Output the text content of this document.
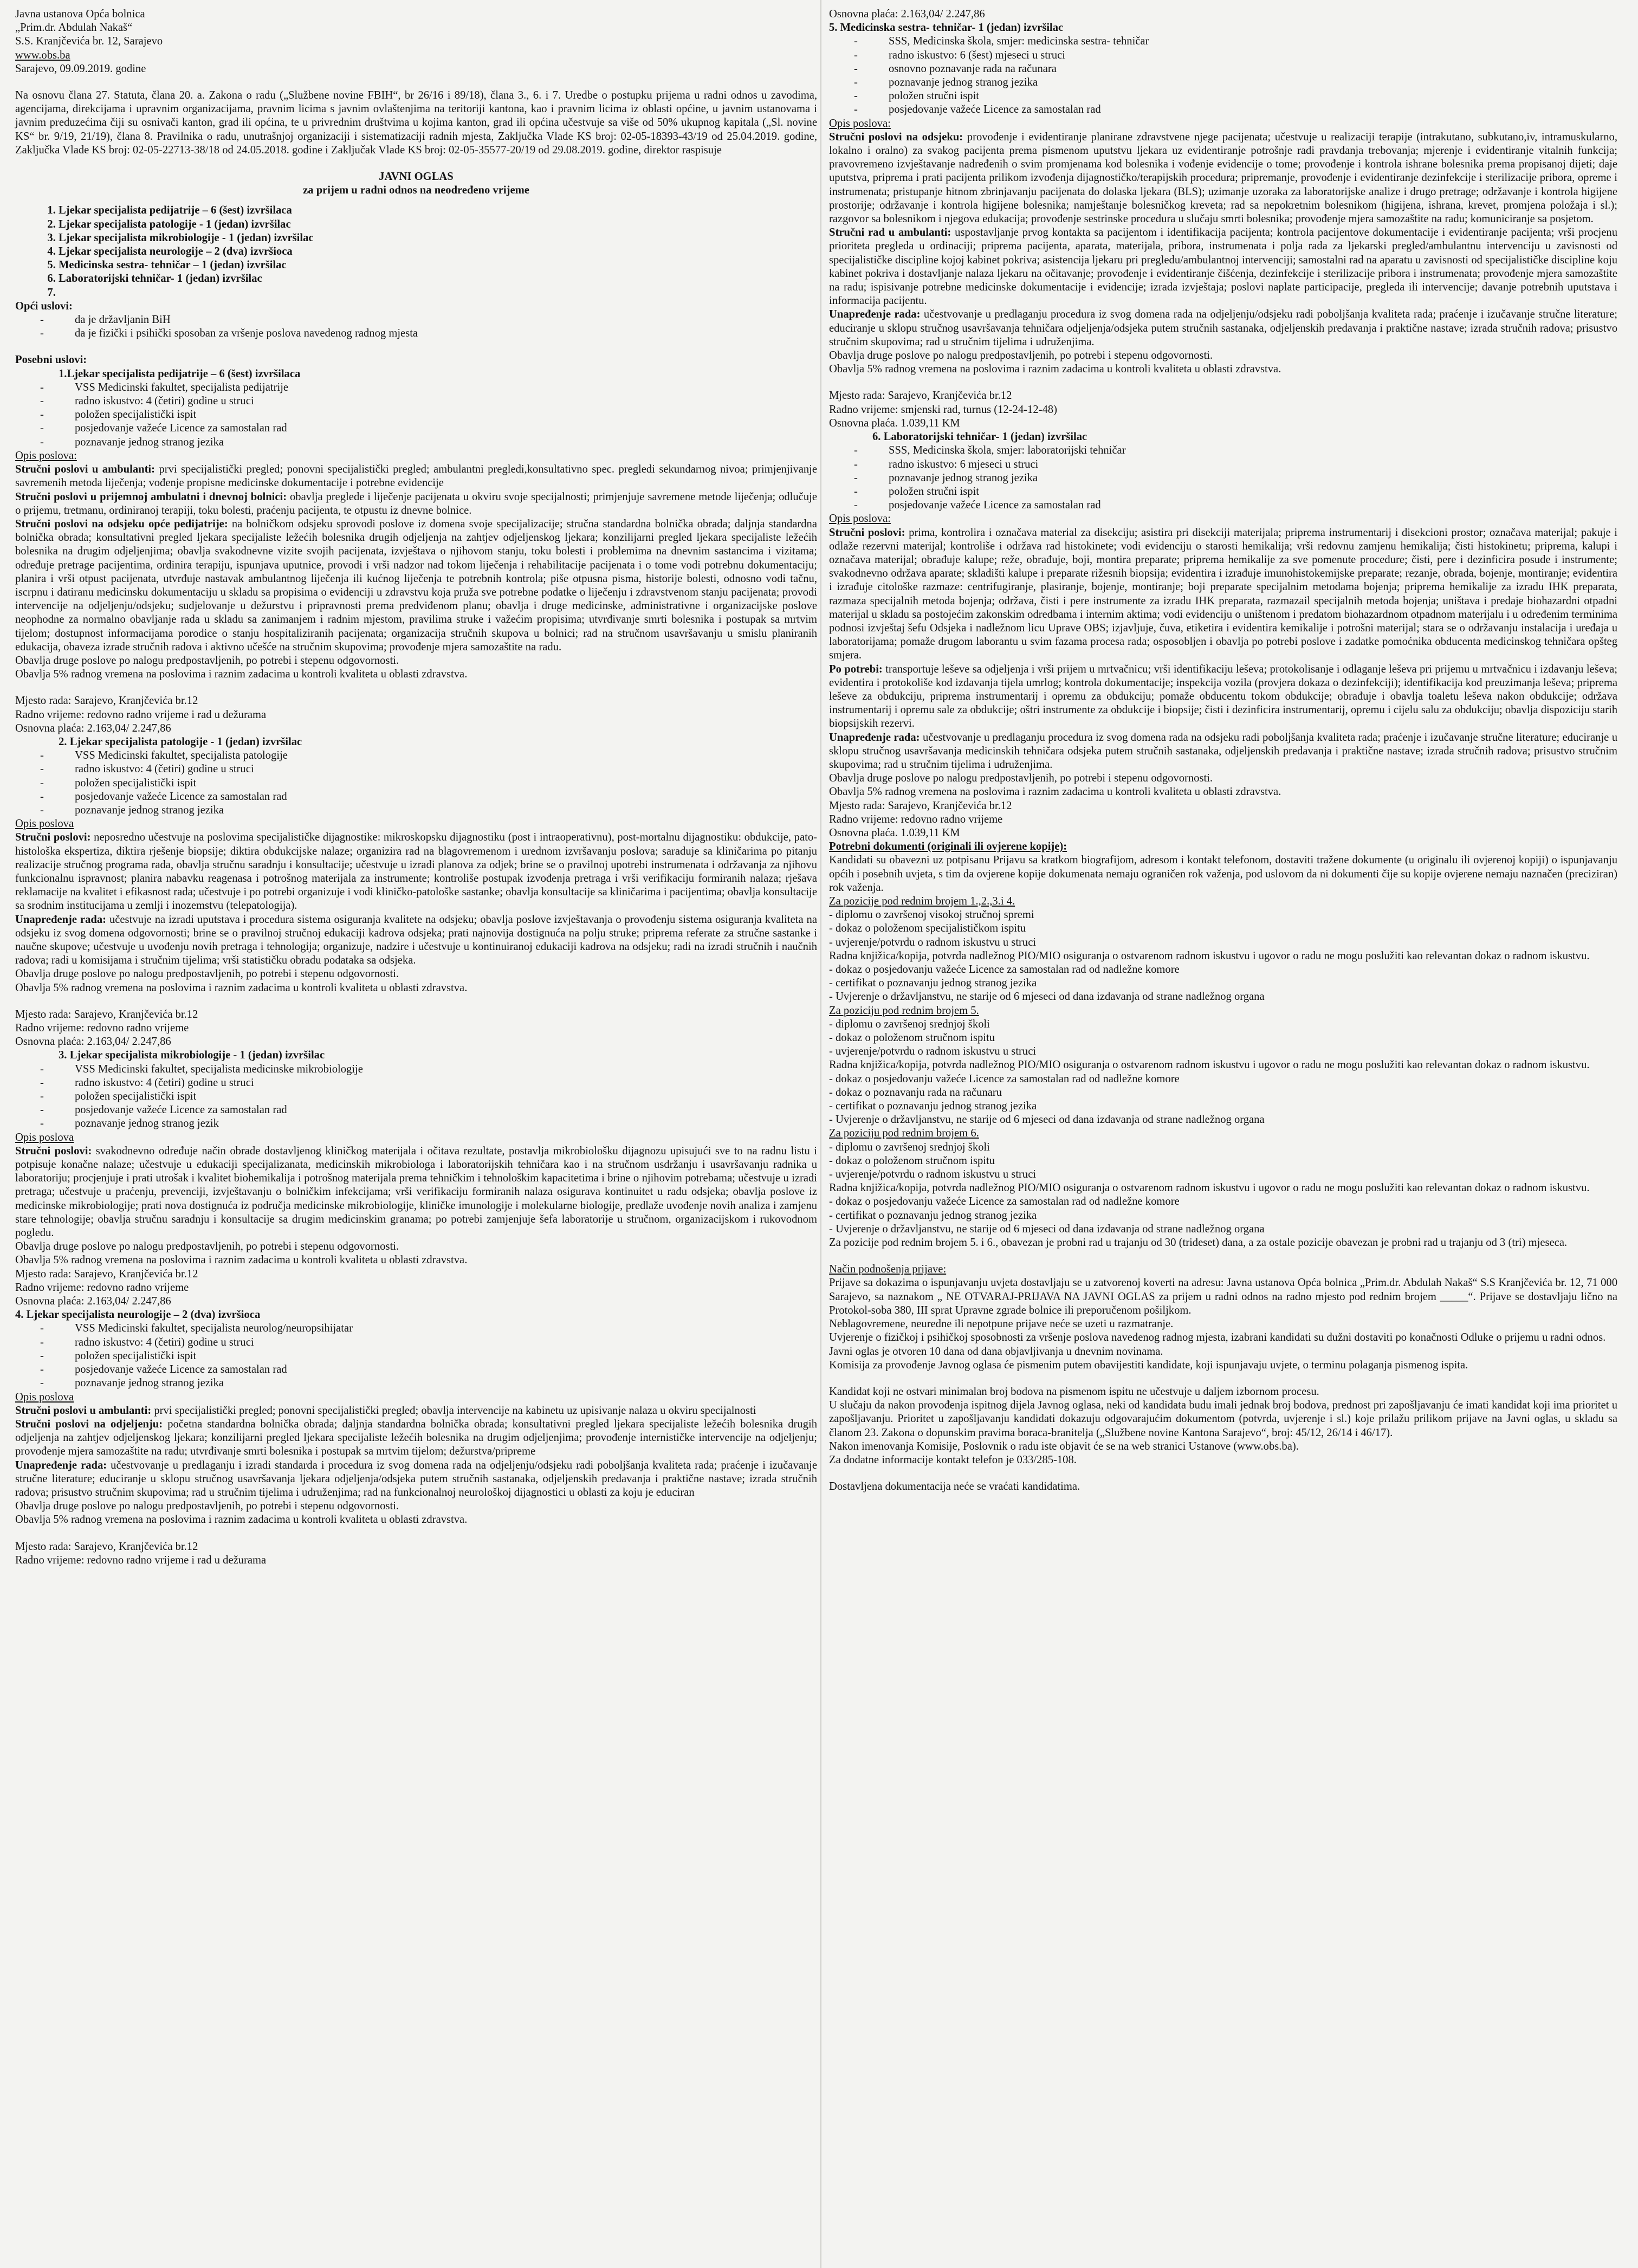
Javna ustanova Opća bolnica
„Prim.dr. Abdulah Nakaš“
S.S. Kranjčevića br. 12, Sarajevo
www.obs.ba
Sarajevo, 09.09.2019. godine

Na osnovu člana 27. Statuta, člana 20. a. Zakona o radu („Službene novine FBIH“, br 26/16 i 89/18), člana 3., 6. i 7. Uredbe o postupku prijema u radni odnos u zavodima, agencijama, direkcijama i upravnim organizacijama, pravnim licima s javnim ovlaštenjima na teritoriji kantona, kao i pravnim licima iz oblasti općine, u javnim ustanovama i javnim preduzećima čiji su osnivači kanton, grad ili općina, te u privrednim društvima u kojima kanton, grad ili općina učestvuje sa više od 50% ukupnog kapitala („Sl. novine KS“ br. 9/19, 21/19), člana 8. Pravilnika o radu, unutrašnjoj organizaciji i sistematizaciji radnih mjesta, Zaključka Vlade KS broj: 02-05-18393-43/19 od 25.04.2019. godine, Zaključka Vlade KS broj: 02-05-22713-38/18 od 24.05.2018. godine i Zaključak Vlade KS broj: 02-05-35577-20/19 od 29.08.2019. godine, direktor raspisuje

JAVNI OGLAS
za prijem u radni odnos na neodređeno vrijeme
1. Ljekar specijalista pedijatrije – 6 (šest) izvršilaca
2. Ljekar specijalista patologije - 1 (jedan) izvršilac
3. Ljekar specijalista mikrobiologije - 1 (jedan) izvršilac
4. Ljekar specijalista neurologije – 2 (dva) izvršioca
5. Medicinska sestra- tehničar – 1 (jedan) izvršilac
6. Laboratorijski tehničar- 1 (jedan) izvršilac
7.
Opći uslovi:
- da je državljanin BiH
- da je fizički i psihički sposoban za vršenje poslova navedenog radnog mjesta
Posebni uslovi:
1.Ljekar specijalista pedijatrije – 6 (šest) izvršilaca
- VSS Medicinski fakultet, specijalista pedijatrije
- radno iskustvo: 4 (četiri) godine u struci
- položen specijalistički ispit
- posjedovanje važeće Licence za samostalan rad
- poznavanje jednog stranog jezika
Opis poslova:

Stručni poslovi u ambulanti: prvi specijalistički pregled; ponovni specijalistički pregled; ambulantni pregledi,konsultativno spec. pregledi sekundarnog nivoa; primjenjivanje savremenih metoda liječenja; vođenje propisne medicinske dokumentacije i potrebne evidencije

Stručni poslovi u prijemnoj ambulatni i dnevnoj bolnici: obavlja preglede i liječenje pacijenata u okviru svoje specijalnosti; primjenjuje savremene metode liječenja; odlučuje o prijemu, tretmanu, ordiniranoj terapiji, toku bolesti, praćenju pacijenta, te otpustu iz dnevne bolnice.

Stručni poslovi na odsjeku opće pedijatrije: na bolničkom odsjeku sprovodi poslove iz domena svoje specijalizacije; stručna standardna bolnička obrada; daljnja standardna bolnička obrada; konsultativni pregled ljekara specijaliste ležećih bolesnika drugih odjeljenja na zahtjev odjeljenskog ljekara; konzilijarni pregled ljekara specijaliste ležećih bolesnika na drugim odjeljenjima; obavlja svakodnevne vizite svojih pacijenata, izvještava o njihovom stanju, toku bolesti i problemima na dnevnim sastancima i vizitama; određuje pretrage pacijentima, ordinira terapiju, ispunjava uputnice, provodi i vrši nadzor nad tokom liječenja i rehabilitacije pacijenata i o tome vodi potrebnu dokumentaciju; planira i vrši otpust pacijenata, utvrđuje nastavak ambulantnog liječenja ili kućnog liječenja te potrebnih kontrola; piše otpusna pisma, historije bolesti, odnosno vodi tačnu, iscrpnu i datiranu medicinsku dokumentaciju u skladu sa propisima o evidenciji u zdravstvu koja pruža sve potrebne podatke o liječenju i zdravstvenom stanju pacijenata; provodi intervencije na odjeljenju/odsjeku; sudjelovanje u dežurstvu i pripravnosti prema predviđenom planu; obavlja i druge medicinske, administrativne i organizacijske poslove neophodne za normalno obavljanje rada u skladu sa zanimanjem i radnim mjestom, pravilima struke i važećim propisima; utvrđivanje smrti bolesnika i postupak sa mrtvim tijelom; dostupnost informacijama porodice o stanju hospitaliziranih pacijenata; organizacija stručnih skupova u bolnici; rad na stručnom usavršavanju u smislu planiranih edukacija, obaveza izrade stručnih radova i aktivno učešće na stručnim skupovima; provođenje mjera samozaštite na radu.

Obavlja druge poslove po nalogu predpostavljenih, po potrebi i stepenu odgovornosti.
Obavlja 5% radnog vremena na poslovima i raznim zadacima u kontroli kvaliteta u oblasti zdravstva.
Mjesto rada: Sarajevo, Kranjčevića br.12
Radno vrijeme: redovno radno vrijeme i rad u dežurama
Osnovna plaća: 2.163,04/ 2.247,86
2. Ljekar specijalista patologije - 1 (jedan) izvršilac
- VSS Medicinski fakultet, specijalista patologije
- radno iskustvo: 4 (četiri) godine u struci
- položen specijalistički ispit
- posjedovanje važeće Licence za samostalan rad
- poznavanje jednog stranog jezika
Opis poslova

Stručni poslovi: neposredno učestvuje na poslovima specijalističke dijagnostike: mikroskopsku dijagnostiku (post i intraoperativnu), post-mortalnu dijagnostiku: obdukcije, pato-histološka ekspertiza, diktira rješenje biopsije; diktira obdukcijske nalaze; organizira rad na blagovremenom i urednom izvršavanju poslova; saraduje sa kliničarima po pitanju realizacije stručnog programa rada, obavlja stručnu saradnju i konsultacije; učestvuje u izradi planova za odjek; brine se o pravilnoj upotrebi instrumenata i održavanja za njihovu funkcionalnu ispravnost; planira nabavku reagenasa i potrošnog materijala za instrumente; kontroliše postupak izvođenja pretraga i vrši verifikaciju formiranih nalaza; rješava reklamacije na kvalitet i efikasnost rada; učestvuje i po potrebi organizuje i vodi kliničko-patološke sastanke; obavlja konsultacije sa kliničarima i pacijentima; obavlja konsultacije sa srodnim institucijama u zemlji i inozemstvu (telepatologija).

Unapređenje rada: učestvuje na izradi uputstava i procedura sistema osiguranja kvalitete na odsjeku; obavlja poslove izvještavanja o provođenju sistema osiguranja kvaliteta na odsjeku iz svog domena odgovornosti; brine se o pravilnoj stručnoj edukaciji kadrova odsjeka; prati najnovija dostignuća na polju struke; priprema referate za stručne sastanke i naučne skupove; učestvuje u uvođenju novih pretraga i tehnologija; organizuje, nadzire i učestvuje u kontinuiranoj edukaciji kadrova na odsjeku; radi na izradi stručnih i naučnih radova; radi u komisijama i stručnim tijelima; vrši statističku obradu podataka sa odsjeka.

Obavlja druge poslove po nalogu predpostavljenih, po potrebi i stepenu odgovornosti.
Obavlja 5% radnog vremena na poslovima i raznim zadacima u kontroli kvaliteta u oblasti zdravstva.
Mjesto rada: Sarajevo, Kranjčevića br.12
Radno vrijeme: redovno radno vrijeme
Osnovna plaća: 2.163,04/ 2.247,86
3. Ljekar specijalista mikrobiologije - 1 (jedan) izvršilac
- VSS Medicinski fakultet, specijalista medicinske mikrobiologije
- radno iskustvo: 4 (četiri) godine u struci
- položen specijalistički ispit
- posjedovanje važeće Licence za samostalan rad
- poznavanje jednog stranog jezik
Opis poslova

Stručni poslovi: svakodnevno određuje način obrade dostavljenog kliničkog materijala i očitava rezultate, postavlja mikrobiološku dijagnozu upisujući sve to na radnu listu i potpisuje konačne nalaze; učestvuje u edukaciji specijalizanata, medicinskih mikrobiologa i laboratorijskih tehničara kao i na stručnom usdržanju i usavršavanju radnika u laboratoriju; procjenjuje i prati utrošak i kvalitet biohemikalija i potrošnog materijala prema tehničkim i tehnološkim kapacitetima i brine o njihovim potrebama; učestvuje u izradi pretraga; učestvuje u praćenju, prevenciji, izvještavanju o bolničkim infekcijama; vrši verifikaciju formiranih nalaza osigurava kontinuitet u radu odsjeka; obavlja poslove iz medicinske mikrobiologije; prati nova dostignuća iz područja medicinske mikrobiologije, kliničke imunologije i molekularne biologije, predlaže uvođenje novih analiza i zamjenu stare tehnologije; obavlja stručnu saradnju i konsultacije sa drugim medicinskim granama; po potrebi zamjenjuje šefa laboratorije u stručnom, organizacijskom i rukovodnom pogledu.

Obavlja druge poslove po nalogu predpostavljenih, po potrebi i stepenu odgovornosti.
Obavlja 5% radnog vremena na poslovima i raznim zadacima u kontroli kvaliteta u oblasti zdravstva.
Mjesto rada: Sarajevo, Kranjčevića br.12
Radno vrijeme: redovno radno vrijeme
Osnovna plaća: 2.163,04/ 2.247,86
4. Ljekar specijalista neurologije – 2 (dva) izvršioca
- VSS Medicinski fakultet, specijalista neurolog/neuropsihijatar
- radno iskustvo: 4 (četiri) godine u struci
- položen specijalistički ispit
- posjedovanje važeće Licence za samostalan rad
- poznavanje jednog stranog jezika
Opis poslova

Stručni poslovi u ambulanti: prvi specijalistički pregled; ponovni specijalistički pregled; obavlja intervencije na kabinetu uz upisivanje nalaza u okviru specijalnosti

Stručni poslovi na odjeljenju: početna standardna bolnička obrada; daljnja standardna bolnička obrada; konsultativni pregled ljekara specijaliste ležećih bolesnika drugih odjeljenja na zahtjev odjeljenskog ljekara; konzilijarni pregled ljekara specijaliste ležećih bolesnika na drugim odjeljenjima; provođenje internističke intervencije na odjeljenju; provođenje mjera samozaštite na radu; utvrđivanje smrti bolesnika i postupak sa mrtvim tijelom; dežurstva/pripreme

Unapređenje rada: učestvovanje u predlaganju i izradi standarda i procedura iz svog domena rada na odjeljenju/odsjeku radi poboljšanja kvaliteta rada; praćenje i izučavanje stručne literature; educiranje u sklopu stručnog usavršavanja ljekara odjeljenja/odsjeka putem stručnih sastanaka, odjeljenskih predavanja i praktične nastave; izrada stručnih radova; prisustvo stručnim skupovima; rad u stručnim tijelima i udruženjima; rad na funkcionalnoj neurološkoj dijagnostici u oblasti za koju je educiran

Obavlja druge poslove po nalogu predpostavljenih, po potrebi i stepenu odgovornosti.
Obavlja 5% radnog vremena na poslovima i raznim zadacima u kontroli kvaliteta u oblasti zdravstva.
Mjesto rada: Sarajevo, Kranjčevića br.12
Radno vrijeme: redovno radno vrijeme i rad u dežurama
Osnovna plaća: 2.163,04/ 2.247,86
5. Medicinska sestra- tehničar- 1 (jedan) izvršilac
- SSS, Medicinska škola, smjer: medicinska sestra- tehničar
- radno iskustvo: 6 (šest) mjeseci u struci
- osnovno poznavanje rada na računara
- poznavanje jednog stranog jezika
- položen stručni ispit
- posjedovanje važeće Licence za samostalan rad
Opis poslova:

Stručni poslovi na odsjeku: provođenje i evidentiranje planirane zdravstvene njege pacijenata; učestvuje u realizaciji terapije (intrakutano, subkutano,iv, intramuskularno, lokalno i oralno) za svakog pacijenta prema pismenom uputstvu ljekara uz evidentiranje potrošnje radi pravdanja trebovanja; mjerenje i evidentiranje vitalnih funkcija; pravovremeno izvještavanje nadređenih o svim promjenama kod bolesnika i vođenje evidencije o tome; provođenje i kontrola ishrane bolesnika prema propisanoj dijeti; daje uputstva, priprema i prati pacijenta prilikom izvođenja dijagnostičko/terapijskih procedura; pripremanje, provođenje i evidentiranje dezinfekcije i sterilizacije pribora, opreme i instrumenata; pristupanje hitnom zbrinjavanju pacijenata do dolaska ljekara (BLS); uzimanje uzoraka za laboratorijske analize i drugo pretrage; održavanje i kontrola higijene prostorije; održavanje i kontrola higijene bolesnika; namještanje bolesničkog kreveta; rad sa nepokretnim bolesnikom (higijena, ishrana, krevet, promjena položaja i sl.); razgovor sa bolesnikom i njegova edukacija; provođenje sestrinske procedura u slučaju smrti bolesnika; provođenje mjera samozaštite na radu; komuniciranje sa posjetom.

Stručni rad u ambulanti: uspostavljanje prvog kontakta sa pacijentom i identifikacija pacijenta; kontrola pacijentove dokumentacije i evidentiranje pacijenta; vrši procjenu prioriteta pregleda u ordinaciji; priprema pacijenta, aparata, materijala, pribora, instrumenata i polja rada za ljekarski pregled/ambulantnu intervenciju u zavisnosti od specijalističke discipline kojoj kabinet pokriva; asistencija ljekaru pri pregledu/ambulantnoj intervenciji; samostalni rad na aparatu u zavisnosti od specijalističke discipline koju kabinet pokriva i dostavljanje nalaza ljekaru na očitavanje; provođenje i evidentiranje čišćenja, dezinfekcije i sterilizacije pribora i instrumenata; provođenje mjera samozaštite na radu; ispisivanje potrebne medicinske dokumentacije i evidencije; izrada izvještaja; poslovi naplate participacije, pregleda ili intervencije; davanje potrebnih uputstava i informacija pacijentu.

Unapređenje rada: učestvovanje u predlaganju procedura iz svog domena rada na odjeljenju/odsjeku radi poboljšanja kvaliteta rada; praćenje i izučavanje stručne literature; educiranje u sklopu stručnog usavršavanja tehničara odjeljenja/odsjeka putem stručnih sastanaka, odjeljenskih predavanja i praktične nastave; izrada stručnih radova; prisustvo stručnim skupovima; rad u stručnim tijelima i udruženjima.

Obavlja druge poslove po nalogu predpostavljenih, po potrebi i stepenu odgovornosti.
Obavlja 5% radnog vremena na poslovima i raznim zadacima u kontroli kvaliteta u oblasti zdravstva.
Mjesto rada: Sarajevo, Kranjčevića br.12
Radno vrijeme: smjenski rad, turnus (12-24-12-48)
Osnovna plaća. 1.039,11 KM
6. Laboratorijski tehničar- 1 (jedan) izvršilac
- SSS, Medicinska škola, smjer: laboratorijski tehničar
- radno iskustvo: 6 mjeseci u struci
- poznavanje jednog stranog jezika
- položen stručni ispit
- posjedovanje važeće Licence za samostalan rad
Opis poslova:

Stručni poslovi: prima, kontrolira i označava material za disekciju; asistira pri disekciji materijala; priprema instrumentarij i disekcioni prostor; označava materijal; pakuje i odlaže rezervni materijal; kontroliše i održava rad histokinete; vodi evidenciju o starosti hemikalija; vrši redovnu zamjenu hemikalija; čisti histokinetu; priprema, kalupi i označava materijal; obrađuje kalupe; reže, obrađuje, boji, montira preparate; priprema hemikalije za sve pomenute procedure; čisti, pere i dezinficira posude i instrumente; svakodnevno održava aparate; skladišti kalupe i preparate rižesnih biopsija; evidentira i izrađuje imunohistokemijske preparate; rezanje, obrada, bojenje, montiranje; evidentira i izrađuje citološke razmaze: centrifugiranje, plasiranje, bojenje, montiranje; boji preparate specijalnim metodama bojenja; priprema hemikalije za izradu IHK preparata, razmaza specijalnih metoda bojenja; održava, čisti i pere instrumente za izradu IHK preparata, razmazail specijalnih metoda bojenja; uništava i predaje biohazardni otpadni materijal u skladu sa postojećim zakonskim odredbama i internim aktima; vodi evidenciju o uništenom i predatom biohazardnom otpadnom materijalu i u određenim terminima podnosi izvještaj šefu Odsjeka i nadležnom licu Uprave OBS; izjavljuje, čuva, etiketira i evidentira kemikalije i potrošni materijal; stara se o održavanju instalacija i uređaja u laboratorijama; pomaže drugom laborantu u svim fazama procesa rada; osposobljen i obavlja po potrebi poslove i zadatke pomoćnika obducenta medicinskog tehničara opšteg smjera.

Po potrebi: transportuje leševe sa odjeljenja i vrši prijem u mrtvačnicu; vrši identifikaciju leševa; protokolisanje i odlaganje leševa pri prijemu u mrtvačnicu i izdavanju leševa; evidentira i protokoliše kod izdavanja tijela umrlog; kontrola dokumentacije; inspekcija vozila (provjera dokaza o dezinfekciji); identifikacija kod preuzimanja leševa; priprema leševe za obdukciju, priprema instrumentarij i opremu za obdukciju; pomaže obducentu tokom obdukcije; obrađuje i obavlja toaletu leševa nakon obdukcije; održava instrumentarij i opremu sale za obdukcije; oštri instrumente za obdukcije i biopsije; čisti i dezinficira instrumentarij, opremu i cijelu salu za obdukciju; obavlja dispoziciju starih biopsijskih rezervi.

Unapređenje rada: učestvovanje u predlaganju procedura iz svog domena rada na odsjeku radi poboljšanja kvaliteta rada; praćenje i izučavanje stručne literature; educiranje u sklopu stručnog usavršavanja medicinskih tehničara odsjeka putem stručnih sastanaka, odjeljenskih predavanja i praktične nastave; izrada stručnih radova; prisustvo stručnim skupovima; rad u stručnim tijelima i udruženjima.

Obavlja druge poslove po nalogu predpostavljenih, po potrebi i stepenu odgovornosti.
Obavlja 5% radnog vremena na poslovima i raznim zadacima u kontroli kvaliteta u oblasti zdravstva.
Mjesto rada: Sarajevo, Kranjčevića br.12
Radno vrijeme: redovno radno vrijeme
Osnovna plaća. 1.039,11 KM
Potrebni dokumenti (originali ili ovjerene kopije):

Kandidati su obavezni uz potpisanu Prijavu sa kratkom biografijom, adresom i kontakt telefonom, dostaviti tražene dokumente (u originalu ili ovjerenoj kopiji) o ispunjavanju općih i posebnih uvjeta, s tim da ovjerene kopije dokumenata nemaju ograničen rok važenja, pod uslovom da ni dokumenti čije su kopije ovjerene nemaju naznačen (preciziran) rok važenja.

Za pozicije pod rednim brojem 1.,2.,3.i 4.
- diplomu o završenoj visokoj stručnoj spremi
- dokaz o položenom specijalističkom ispitu
- uvjerenje/potvrdu o radnom iskustvu u struci
Radna knjižica/kopija, potvrda nadležnog PIO/MIO osiguranja o ostvarenom radnom iskustvu i ugovor o radu ne mogu poslužiti kao relevantan dokaz o radnom iskustvu.
- dokaz o posjedovanju važeće Licence za samostalan rad od nadležne komore
- certifikat o poznavanju jednog stranog jezika
- Uvjerenje o državljanstvu, ne starije od 6 mjeseci od dana izdavanja od strane nadležnog organa
Za poziciju pod rednim brojem 5.
- diplomu o završenoj srednjoj školi
- dokaz o položenom stručnom ispitu
- uvjerenje/potvrdu o radnom iskustvu u struci
Radna knjižica/kopija, potvrda nadležnog PIO/MIO osiguranja o ostvarenom radnom iskustvu i ugovor o radu ne mogu poslužiti kao relevantan dokaz o radnom iskustvu.
- dokaz o posjedovanju važeće Licence za samostalan rad od nadležne komore
- dokaz o poznavanju rada na računaru
- certifikat o poznavanju jednog stranog jezika
- Uvjerenje o državljanstvu, ne starije od 6 mjeseci od dana izdavanja od strane nadležnog organa
Za poziciju pod rednim brojem 6.
- diplomu o završenoj srednjoj školi
- dokaz o položenom stručnom ispitu
- uvjerenje/potvrdu o radnom iskustvu u struci
Radna knjižica/kopija, potvrda nadležnog PIO/MIO osiguranja o ostvarenom radnom iskustvu i ugovor o radu ne mogu poslužiti kao relevantan dokaz o radnom iskustvu.
- dokaz o posjedovanju važeće Licence za samostalan rad od nadležne komore
- certifikat o poznavanju jednog stranog jezika
- Uvjerenje o državljanstvu, ne starije od 6 mjeseci od dana izdavanja od strane nadležnog organa

Za pozicije pod rednim brojem 5. i 6., obavezan je probni rad u trajanju od 30 (trideset) dana, a za ostale pozicije obavezan je probni rad u trajanju od 3 (tri) mjeseca.

Način podnošenja prijave:

Prijave sa dokazima o ispunjavanju uvjeta dostavljaju se u zatvorenoj koverti na adresu: Javna ustanova Opća bolnica „Prim.dr. Abdulah Nakaš“ S.S Kranjčevića br. 12, 71 000 Sarajevo, sa naznakom „ NE OTVARAJ-PRIJAVA NA JAVNI OGLAS za prijem u radni odnos na radno mjesto pod rednim brojem _____“. Prijave se dostavljaju lično na Protokol-soba 380, III sprat Upravne zgrade bolnice ili preporučenom pošiljkom.

Neblagovremene, neuredne ili nepotpune prijave neće se uzeti u razmatranje.

Uvjerenje o fizičkoj i psihičkoj sposobnosti za vršenje poslova navedenog radnog mjesta, izabrani kandidati su dužni dostaviti po konačnosti Odluke o prijemu u radni odnos.

Javni oglas je otvoren 10 dana od dana objavljivanja u dnevnim novinama.

Komisija za provođenje Javnog oglasa će pismenim putem obavijestiti kandidate, koji ispunjavaju uvjete, o terminu polaganja pismenog ispita.

Kandidat koji ne ostvari minimalan broj bodova na pismenom ispitu ne učestvuje u daljem izbornom procesu.

U slučaju da nakon provođenja ispitnog dijela Javnog oglasa, neki od kandidata budu imali jednak broj bodova, prednost pri zapošljavanju će imati kandidat koji ima prioritet u zapošljavanju. Prioritet u zapošljavanju kandidati dokazuju odgovarajućim dokumentom (potvrda, uvjerenje i sl.) koje prilažu prilikom prijave na Javni oglas, u skladu sa članom 23. Zakona o dopunskim pravima boraca-branitelja („Službene novine Kantona Sarajevo“, broj: 45/12, 26/14 i 46/17).

Nakon imenovanja Komisije, Poslovnik o radu iste objavit će se na web stranici Ustanove (www.obs.ba).

Za dodatne informacije kontakt telefon je 033/285-108.

Dostavljena dokumentacija neće se vraćati kandidatima.
